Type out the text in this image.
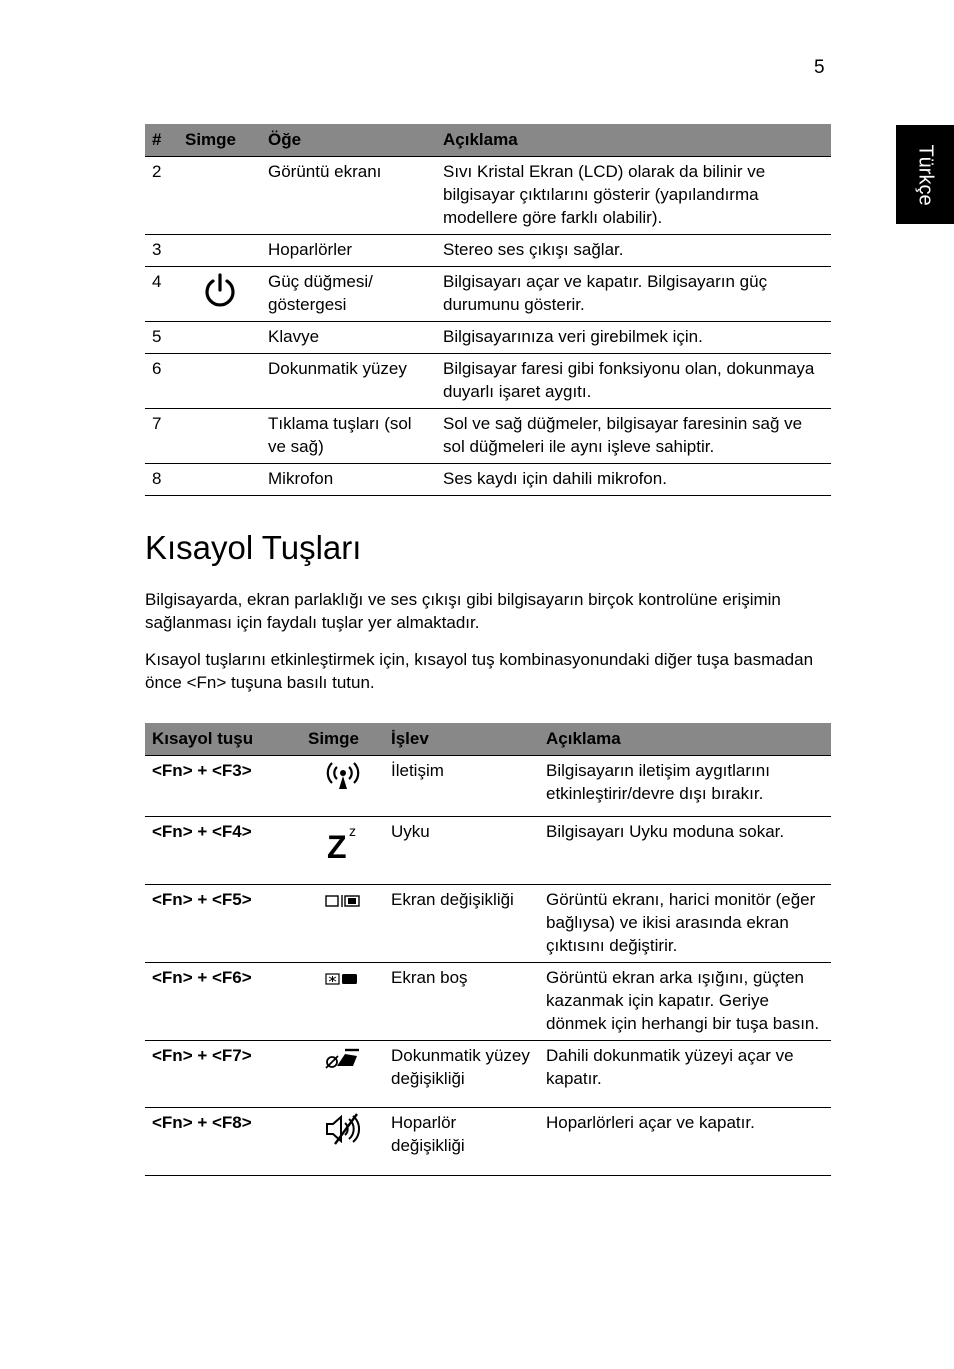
5
Türkçe
#	Simge	Öğe	Açıklama
2		Görüntü ekranı	Sıvı Kristal Ekran (LCD) olarak da bilinir ve bilgisayar çıktılarını gösterir (yapılandırma modellere göre farklı olabilir).
3		Hoparlörler	Stereo ses çıkışı sağlar.
4		Güç düğmesi/ göstergesi	Bilgisayarı açar ve kapatır. Bilgisayarın güç durumunu gösterir.
5		Klavye	Bilgisayarınıza veri girebilmek için.
6		Dokunmatik yüzey	Bilgisayar faresi gibi fonksiyonu olan, dokunmaya duyarlı işaret aygıtı.
7		Tıklama tuşları (sol ve sağ)	Sol ve sağ düğmeler, bilgisayar faresinin sağ ve sol düğmeleri ile aynı işleve sahiptir.
8		Mikrofon	Ses kaydı için dahili mikrofon.
Kısayol Tuşları

Bilgisayarda, ekran parlaklığı ve ses çıkışı gibi bilgisayarın birçok kontrolüne erişimin sağlanması için faydalı tuşlar yer almaktadır.

Kısayol tuşlarını etkinleştirmek için, kısayol tuş kombinasyonundaki diğer tuşa basmadan önce <Fn> tuşuna basılı tutun.

Kısayol tuşu	Simge	İşlev	Açıklama
<Fn> + <F3>		İletişim	Bilgisayarın iletişim aygıtlarını etkinleştirir/devre dışı bırakır.
<Fn> + <F4>	Z z	Uyku	Bilgisayarı Uyku moduna sokar.
<Fn> + <F5>		Ekran değişikliği	Görüntü ekranı, harici monitör (eğer bağlıysa) ve ikisi arasında ekran çıktısını değiştirir.
<Fn> + <F6>		Ekran boş	Görüntü ekran arka ışığını, güçten kazanmak için kapatır. Geriye dönmek için herhangi bir tuşa basın.
<Fn> + <F7>		Dokunmatik yüzey değişikliği	Dahili dokunmatik yüzeyi açar ve kapatır.
<Fn> + <F8>		Hoparlör değişikliği	Hoparlörleri açar ve kapatır.
